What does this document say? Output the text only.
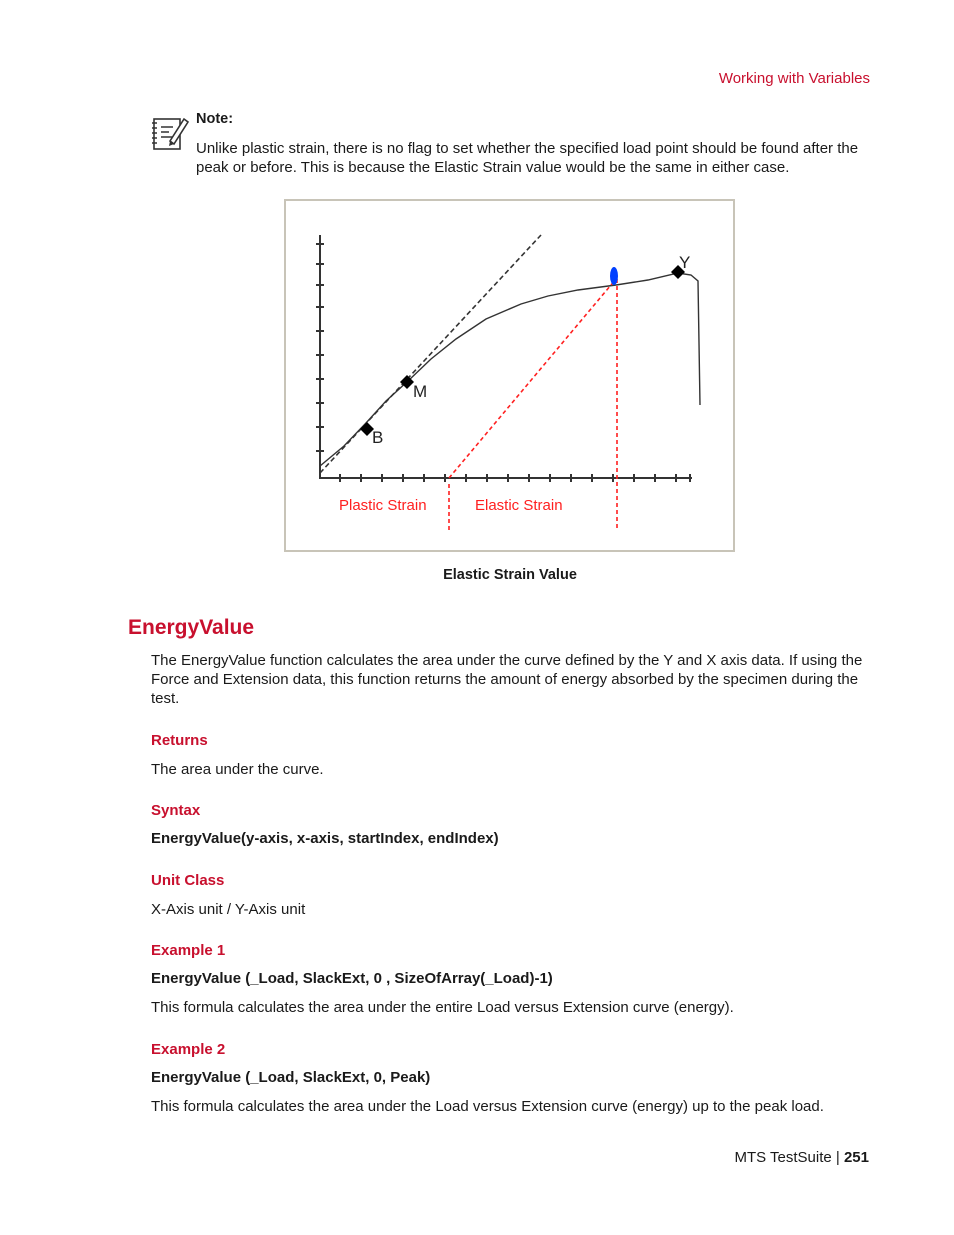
Working with Variables
Note:
Unlike plastic strain, there is no flag to set whether the specified load point should be found after the peak or before. This is because the Elastic Strain value would be the same in either case.
B
M
Y
Plastic Strain	Elastic Strain
Elastic Strain Value
EnergyValue
The EnergyValue function calculates the area under the curve defined by the Y and X axis data. If using the Force and Extension data, this function returns the amount of energy absorbed by the specimen during the test.
Returns
The area under the curve.
Syntax
EnergyValue(y-axis, x-axis, startIndex, endIndex)
Unit Class
X-Axis unit / Y-Axis unit
Example 1
EnergyValue (_Load, SlackExt, 0 , SizeOfArray(_Load)-1)
This formula calculates the area under the entire Load versus Extension curve (energy).
Example 2
EnergyValue (_Load, SlackExt, 0, Peak)
This formula calculates the area under the Load versus Extension curve (energy) up to the peak load.
MTS TestSuite | 251
